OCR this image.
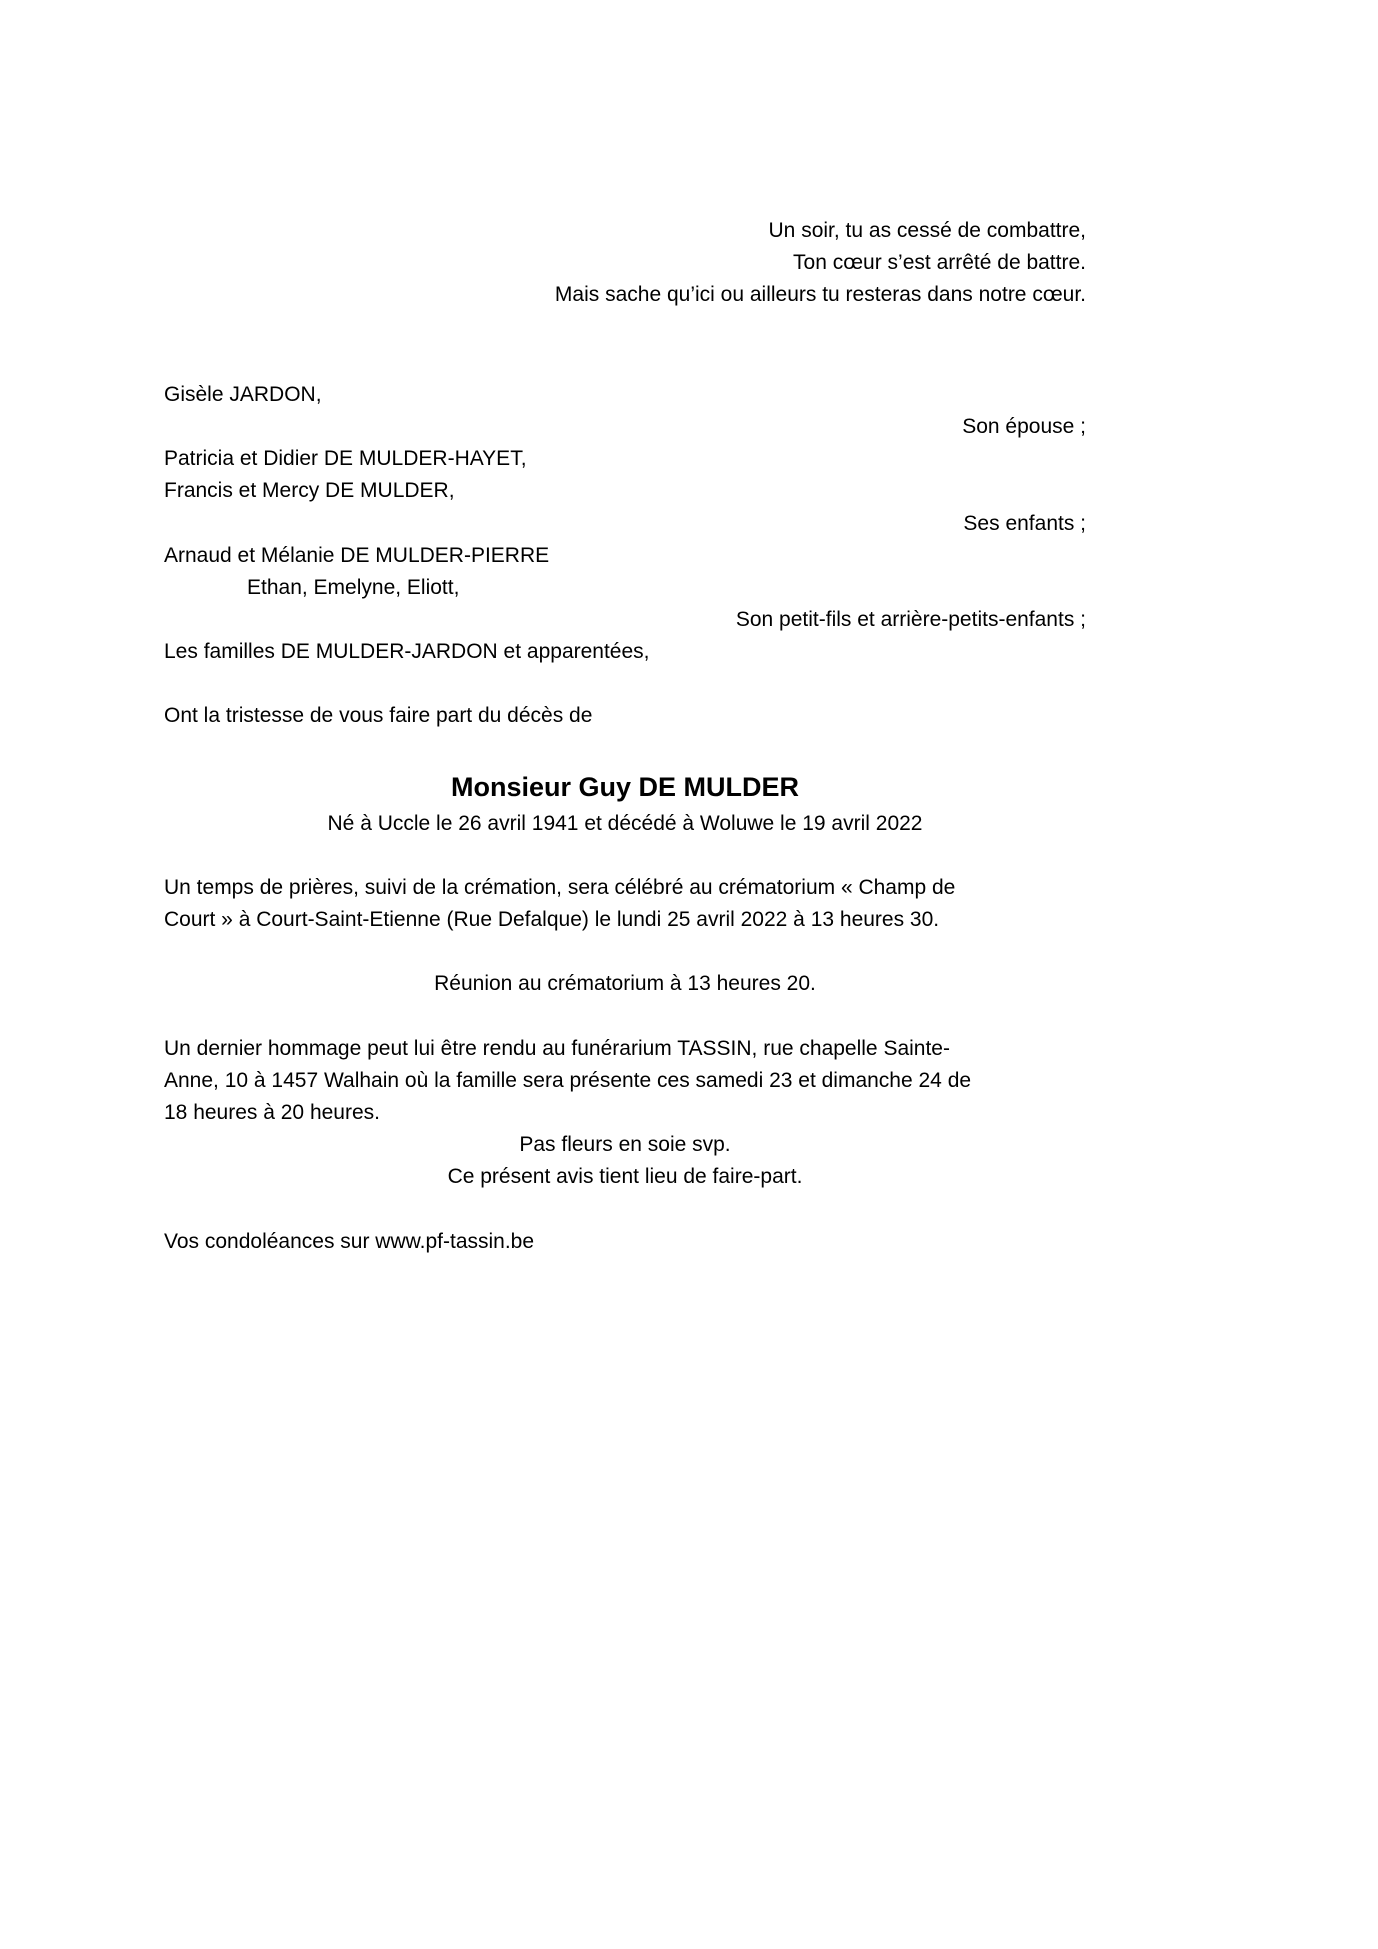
Un soir, tu as cessé de combattre,

Ton cœur s’est arrêté de battre.

Mais sache qu’ici ou ailleurs tu resteras dans notre cœur.

Gisèle JARDON,

Son épouse ;

Patricia et Didier DE MULDER-HAYET,

Francis et Mercy DE MULDER,

Ses enfants ;

Arnaud et Mélanie DE MULDER-PIERRE

Ethan, Emelyne, Eliott,

Son petit-fils et arrière-petits-enfants ;

Les familles DE MULDER-JARDON et apparentées,

Ont la tristesse de vous faire part du décès de

Monsieur Guy DE MULDER

Né à Uccle le 26 avril 1941 et décédé à Woluwe le 19 avril 2022

Un temps de prières, suivi de la crémation, sera célébré au crématorium « Champ de

Court » à Court-Saint-Etienne (Rue Defalque) le lundi 25 avril 2022 à 13 heures 30.

Réunion au crématorium à 13 heures 20.

Un dernier hommage peut lui être rendu au funérarium TASSIN, rue chapelle Sainte-

Anne, 10 à 1457 Walhain où la famille sera présente ces samedi 23 et dimanche 24 de

18 heures à 20 heures.

Pas fleurs en soie svp.

Ce présent avis tient lieu de faire-part.

Vos condoléances sur www.pf-tassin.be
